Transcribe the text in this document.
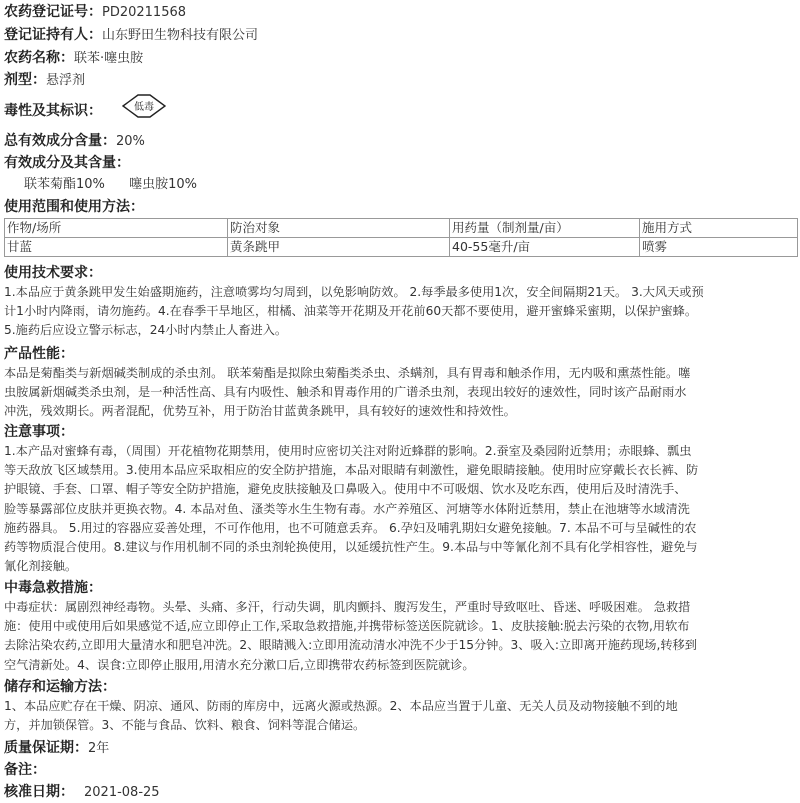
农药登记证号：PD20211568
登记证持有人：山东野田生物科技有限公司
农药名称：联苯·噻虫胺
剂型：悬浮剂
毒性及其标识：	低毒
总有效成分含量：20%
有效成分及其含量：
联苯菊酯10% 噻虫胺10%
使用范围和使用方法：
作物/场所	防治对象	用药量（制剂量/亩）	施用方式
甘蓝	黄条跳甲	40-55毫升/亩	喷雾
使用技术要求：
1.本品应于黄条跳甲发生始盛期施药，注意喷雾均匀周到，以免影响防效。 2.每季最多使用1次，安全间隔期21天。 3.大风天或预
计1小时内降雨，请勿施药。4.在春季干旱地区，柑橘、油菜等开花期及开花前60天都不要使用，避开蜜蜂采蜜期，以保护蜜蜂。
5.施药后应设立警示标志，24小时内禁止人畜进入。
产品性能：
本品是菊酯类与新烟碱类制成的杀虫剂。 联苯菊酯是拟除虫菊酯类杀虫、杀螨剂，具有胃毒和触杀作用，无内吸和熏蒸性能。噻
虫胺属新烟碱类杀虫剂，是一种活性高、具有内吸性、触杀和胃毒作用的广谱杀虫剂，表现出较好的速效性，同时该产品耐雨水
冲洗，残效期长。两者混配，优势互补，用于防治甘蓝黄条跳甲，具有较好的速效性和持效性。
注意事项：
1.本产品对蜜蜂有毒，（周围）开花植物花期禁用，使用时应密切关注对附近蜂群的影响。2.蚕室及桑园附近禁用；赤眼蜂、瓢虫
等天敌放飞区域禁用。3.使用本品应采取相应的安全防护措施，本品对眼睛有刺激性，避免眼睛接触。使用时应穿戴长衣长裤、防
护眼镜、手套、口罩、帽子等安全防护措施，避免皮肤接触及口鼻吸入。使用中不可吸烟、饮水及吃东西，使用后及时清洗手、
脸等暴露部位皮肤并更换衣物。4. 本品对鱼、溞类等水生生物有毒。水产养殖区、河塘等水体附近禁用，禁止在池塘等水域清洗
施药器具。 5.用过的容器应妥善处理，不可作他用，也不可随意丢弃。 6.孕妇及哺乳期妇女避免接触。7. 本品不可与呈碱性的农
药等物质混合使用。8.建议与作用机制不同的杀虫剂轮换使用，以延缓抗性产生。9.本品与中等氰化剂不具有化学相容性，避免与
氰化剂接触。
中毒急救措施：
中毒症状：属剧烈神经毒物。头晕、头痛、多汗，行动失调，肌肉颤抖、腹泻发生，严重时导致呕吐、昏迷、呼吸困难。 急救措
施：使用中或使用后如果感觉不适,应立即停止工作,采取急救措施,并携带标签送医院就诊。1、皮肤接触:脱去污染的衣物,用软布
去除沾染农药,立即用大量清水和肥皂冲洗。2、眼睛溅入:立即用流动清水冲洗不少于15分钟。3、吸入:立即离开施药现场,转移到
空气清新处。4、误食:立即停止服用,用清水充分漱口后,立即携带农药标签到医院就诊。
储存和运输方法：
1、本品应贮存在干燥、阴凉、通风、防雨的库房中，远离火源或热源。2、本品应当置于儿童、无关人员及动物接触不到的地
方，并加锁保管。3、不能与食品、饮料、粮食、饲料等混合储运。
质量保证期：2年
备注：
核准日期： 2021-08-25
